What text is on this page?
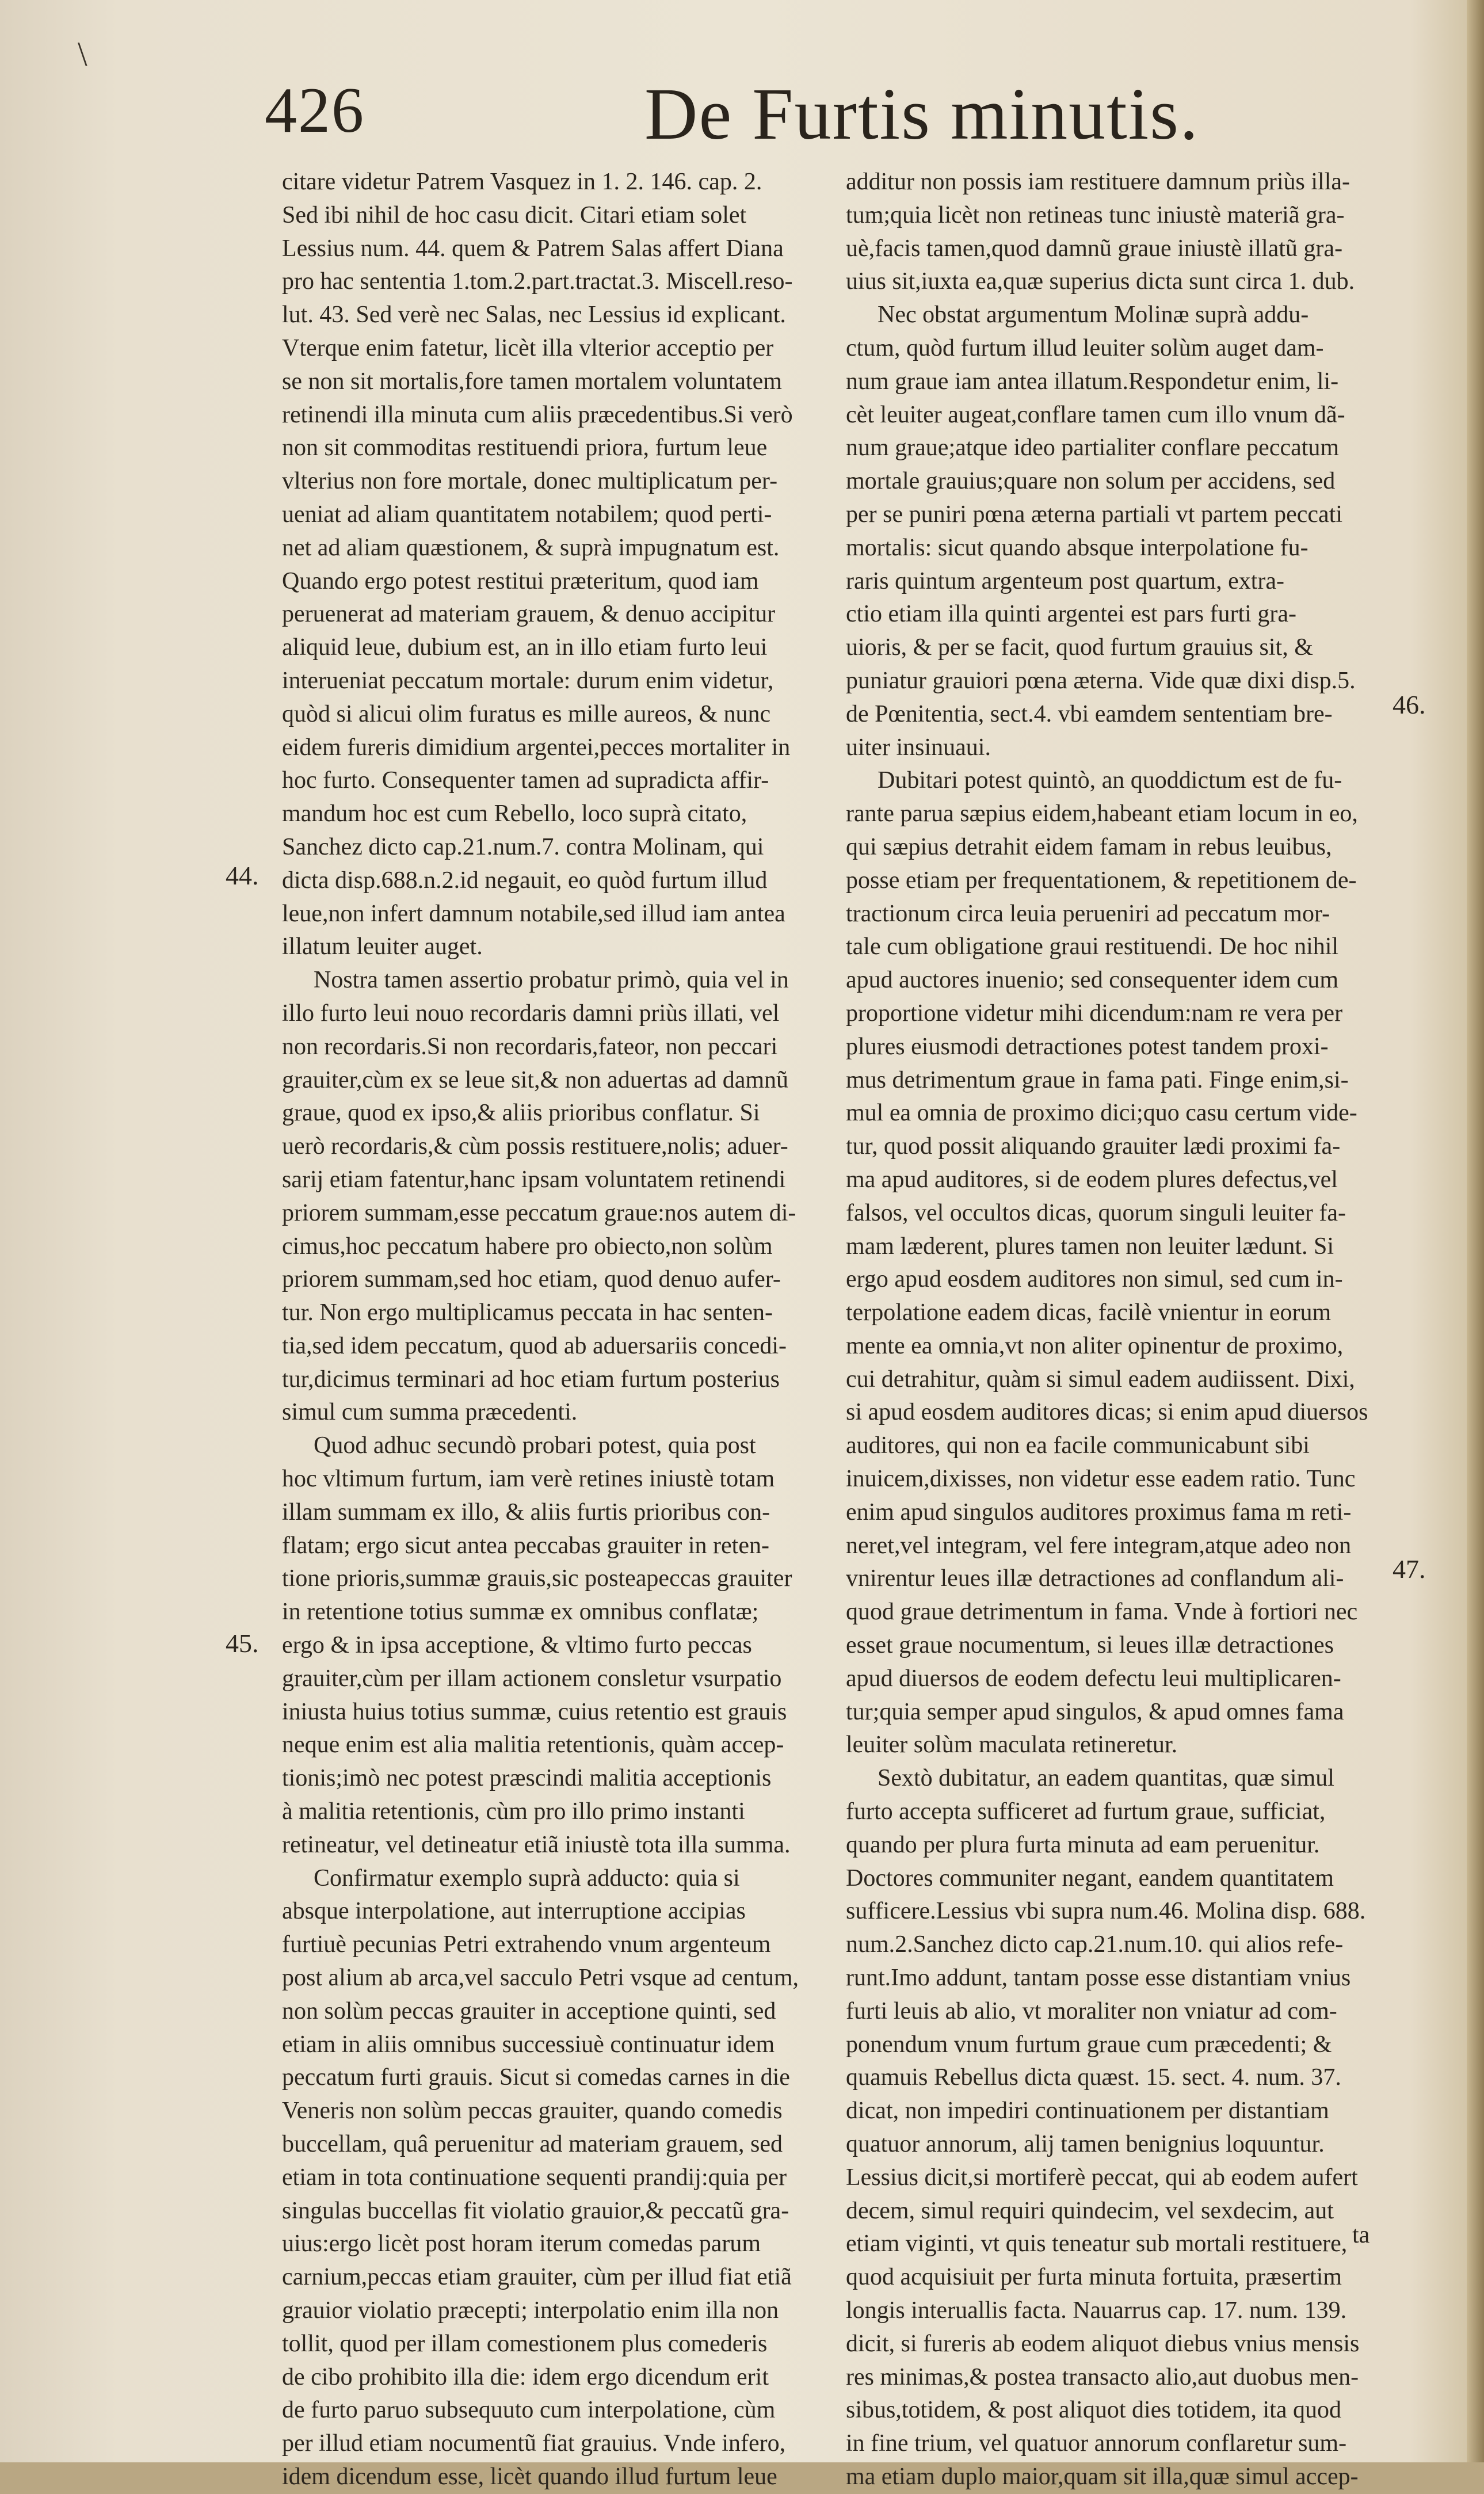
\
426	De Furtis minutis.
44.
45.
46.
47.
citare videtur Patrem Vasquez in 1. 2. 146. cap. 2.
Sed ibi nihil de hoc casu dicit. Citari etiam solet
Lessius num. 44. quem & Patrem Salas affert Diana
pro hac sententia 1.tom.2.part.tractat.3. Miscell.reso-
lut. 43. Sed verè nec Salas, nec Lessius id explicant.
Vterque enim fatetur, licèt illa vlterior acceptio per
se non sit mortalis,fore tamen mortalem voluntatem
retinendi illa minuta cum aliis præcedentibus.Si verò
non sit commoditas restituendi priora, furtum leue
vlterius non fore mortale, donec multiplicatum per-
ueniat ad aliam quantitatem notabilem; quod perti-
net ad aliam quæstionem, & suprà impugnatum est.
Quando ergo potest restitui præteritum, quod iam
peruenerat ad materiam grauem, & denuo accipitur
aliquid leue, dubium est, an in illo etiam furto leui
interueniat peccatum mortale: durum enim videtur,
quòd si alicui olim furatus es mille aureos, & nunc
eidem fureris dimidium argentei,pecces mortaliter in
hoc furto. Consequenter tamen ad supradicta affir-
mandum hoc est cum Rebello, loco suprà citato,
Sanchez dicto cap.21.num.7. contra Molinam, qui
dicta disp.688.n.2.id negauit, eo quòd furtum illud
leue,non infert damnum notabile,sed illud iam antea
illatum leuiter auget.
Nostra tamen assertio probatur primò, quia vel in
illo furto leui nouo recordaris damni priùs illati, vel
non recordaris.Si non recordaris,fateor, non peccari
grauiter,cùm ex se leue sit,& non aduertas ad damnũ
graue, quod ex ipso,& aliis prioribus conflatur. Si
uerò recordaris,& cùm possis restituere,nolis; aduer-
sarij etiam fatentur,hanc ipsam voluntatem retinendi
priorem summam,esse peccatum graue:nos autem di-
cimus,hoc peccatum habere pro obiecto,non solùm
priorem summam,sed hoc etiam, quod denuo aufer-
tur. Non ergo multiplicamus peccata in hac senten-
tia,sed idem peccatum, quod ab aduersariis concedi-
tur,dicimus terminari ad hoc etiam furtum posterius
simul cum summa præcedenti.
Quod adhuc secundò probari potest, quia post
hoc vltimum furtum, iam verè retines iniustè totam
illam summam ex illo, & aliis furtis prioribus con-
flatam; ergo sicut antea peccabas grauiter in reten-
tione prioris,summæ grauis,sic posteapeccas grauiter
in retentione totius summæ ex omnibus conflatæ;
ergo & in ipsa acceptione, & vltimo furto peccas
grauiter,cùm per illam actionem consletur vsurpatio
iniusta huius totius summæ, cuius retentio est grauis
neque enim est alia malitia retentionis, quàm accep-
tionis;imò nec potest præscindi malitia acceptionis
à malitia retentionis, cùm pro illo primo instanti
retineatur, vel detineatur etiã iniustè tota illa summa.
Confirmatur exemplo suprà adducto: quia si
absque interpolatione, aut interruptione accipias
furtiuè pecunias Petri extrahendo vnum argenteum
post alium ab arca,vel sacculo Petri vsque ad centum,
non solùm peccas grauiter in acceptione quinti, sed
etiam in aliis omnibus successiuè continuatur idem
peccatum furti grauis. Sicut si comedas carnes in die
Veneris non solùm peccas grauiter, quando comedis
buccellam, quâ peruenitur ad materiam grauem, sed
etiam in tota continuatione sequenti prandij:quia per
singulas buccellas fit violatio grauior,& peccatũ gra-
uius:ergo licèt post horam iterum comedas parum
carnium,peccas etiam grauiter, cùm per illud fiat etiã
grauior violatio præcepti; interpolatio enim illa non
tollit, quod per illam comestionem plus comederis
de cibo prohibito illa die: idem ergo dicendum erit
de furto paruo subsequuto cum interpolatione, cùm
per illud etiam nocumentũ fiat grauius. Vnde infero,
idem dicendum esse, licèt quando illud furtum leue
additur non possis iam restituere damnum priùs illa-
tum;quia licèt non retineas tunc iniustè materiã gra-
uè,facis tamen,quod damnũ graue iniustè illatũ gra-
uius sit,iuxta ea,quæ superius dicta sunt circa 1. dub.
Nec obstat argumentum Molinæ suprà addu-
ctum, quòd furtum illud leuiter solùm auget dam-
num graue iam antea illatum.Respondetur enim, li-
cèt leuiter augeat,conflare tamen cum illo vnum dã-
num graue;atque ideo partialiter conflare peccatum
mortale grauius;quare non solum per accidens, sed
per se puniri pœna æterna partiali vt partem peccati
mortalis: sicut quando absque interpolatione fu-
raris quintum argenteum post quartum, extra-
ctio etiam illa quinti argentei est pars furti gra-
uioris, & per se facit, quod furtum grauius sit, &
puniatur grauiori pœna æterna. Vide quæ dixi disp.5.
de Pœnitentia, sect.4. vbi eamdem sententiam bre-
uiter insinuaui.
Dubitari potest quintò, an quoddictum est de fu-
rante parua sæpius eidem,habeant etiam locum in eo,
qui sæpius detrahit eidem famam in rebus leuibus,
posse etiam per frequentationem, & repetitionem de-
tractionum circa leuia perueniri ad peccatum mor-
tale cum obligatione graui restituendi. De hoc nihil
apud auctores inuenio; sed consequenter idem cum
proportione videtur mihi dicendum:nam re vera per
plures eiusmodi detractiones potest tandem proxi-
mus detrimentum graue in fama pati. Finge enim,si-
mul ea omnia de proximo dici;quo casu certum vide-
tur, quod possit aliquando grauiter lædi proximi fa-
ma apud auditores, si de eodem plures defectus,vel
falsos, vel occultos dicas, quorum singuli leuiter fa-
mam læderent, plures tamen non leuiter lædunt. Si
ergo apud eosdem auditores non simul, sed cum in-
terpolatione eadem dicas, facilè vnientur in eorum
mente ea omnia,vt non aliter opinentur de proximo,
cui detrahitur, quàm si simul eadem audiissent. Dixi,
si apud eosdem auditores dicas; si enim apud diuersos
auditores, qui non ea facile communicabunt sibi
inuicem,dixisses, non videtur esse eadem ratio. Tunc
enim apud singulos auditores proximus fama m reti-
neret,vel integram, vel fere integram,atque adeo non
vnirentur leues illæ detractiones ad conflandum ali-
quod graue detrimentum in fama. Vnde à fortiori nec
esset graue nocumentum, si leues illæ detractiones
apud diuersos de eodem defectu leui multiplicaren-
tur;quia semper apud singulos, & apud omnes fama
leuiter solùm maculata retineretur.
Sextò dubitatur, an eadem quantitas, quæ simul
furto accepta sufficeret ad furtum graue, sufficiat,
quando per plura furta minuta ad eam peruenitur.
Doctores communiter negant, eandem quantitatem
sufficere.Lessius vbi supra num.46. Molina disp. 688.
num.2.Sanchez dicto cap.21.num.10. qui alios refe-
runt.Imo addunt, tantam posse esse distantiam vnius
furti leuis ab alio, vt moraliter non vniatur ad com-
ponendum vnum furtum graue cum præcedenti; &
quamuis Rebellus dicta quæst. 15. sect. 4. num. 37.
dicat, non impediri continuationem per distantiam
quatuor annorum, alij tamen benignius loquuntur.
Lessius dicit,si mortiferè peccat, qui ab eodem aufert
decem, simul requiri quindecim, vel sexdecim, aut
etiam viginti, vt quis teneatur sub mortali restituere,
quod acquisiuit per furta minuta fortuita, præsertim
longis interuallis facta. Nauarrus cap. 17. num. 139.
dicit, si fureris ab eodem aliquot diebus vnius mensis
res minimas,& postea transacto alio,aut duobus men-
sibus,totidem, & post aliquot dies totidem, ita quod
in fine trium, vel quatuor annorum conflaretur sum-
ma etiam duplo maior,quam sit illa,quæ simul accep-
ta
